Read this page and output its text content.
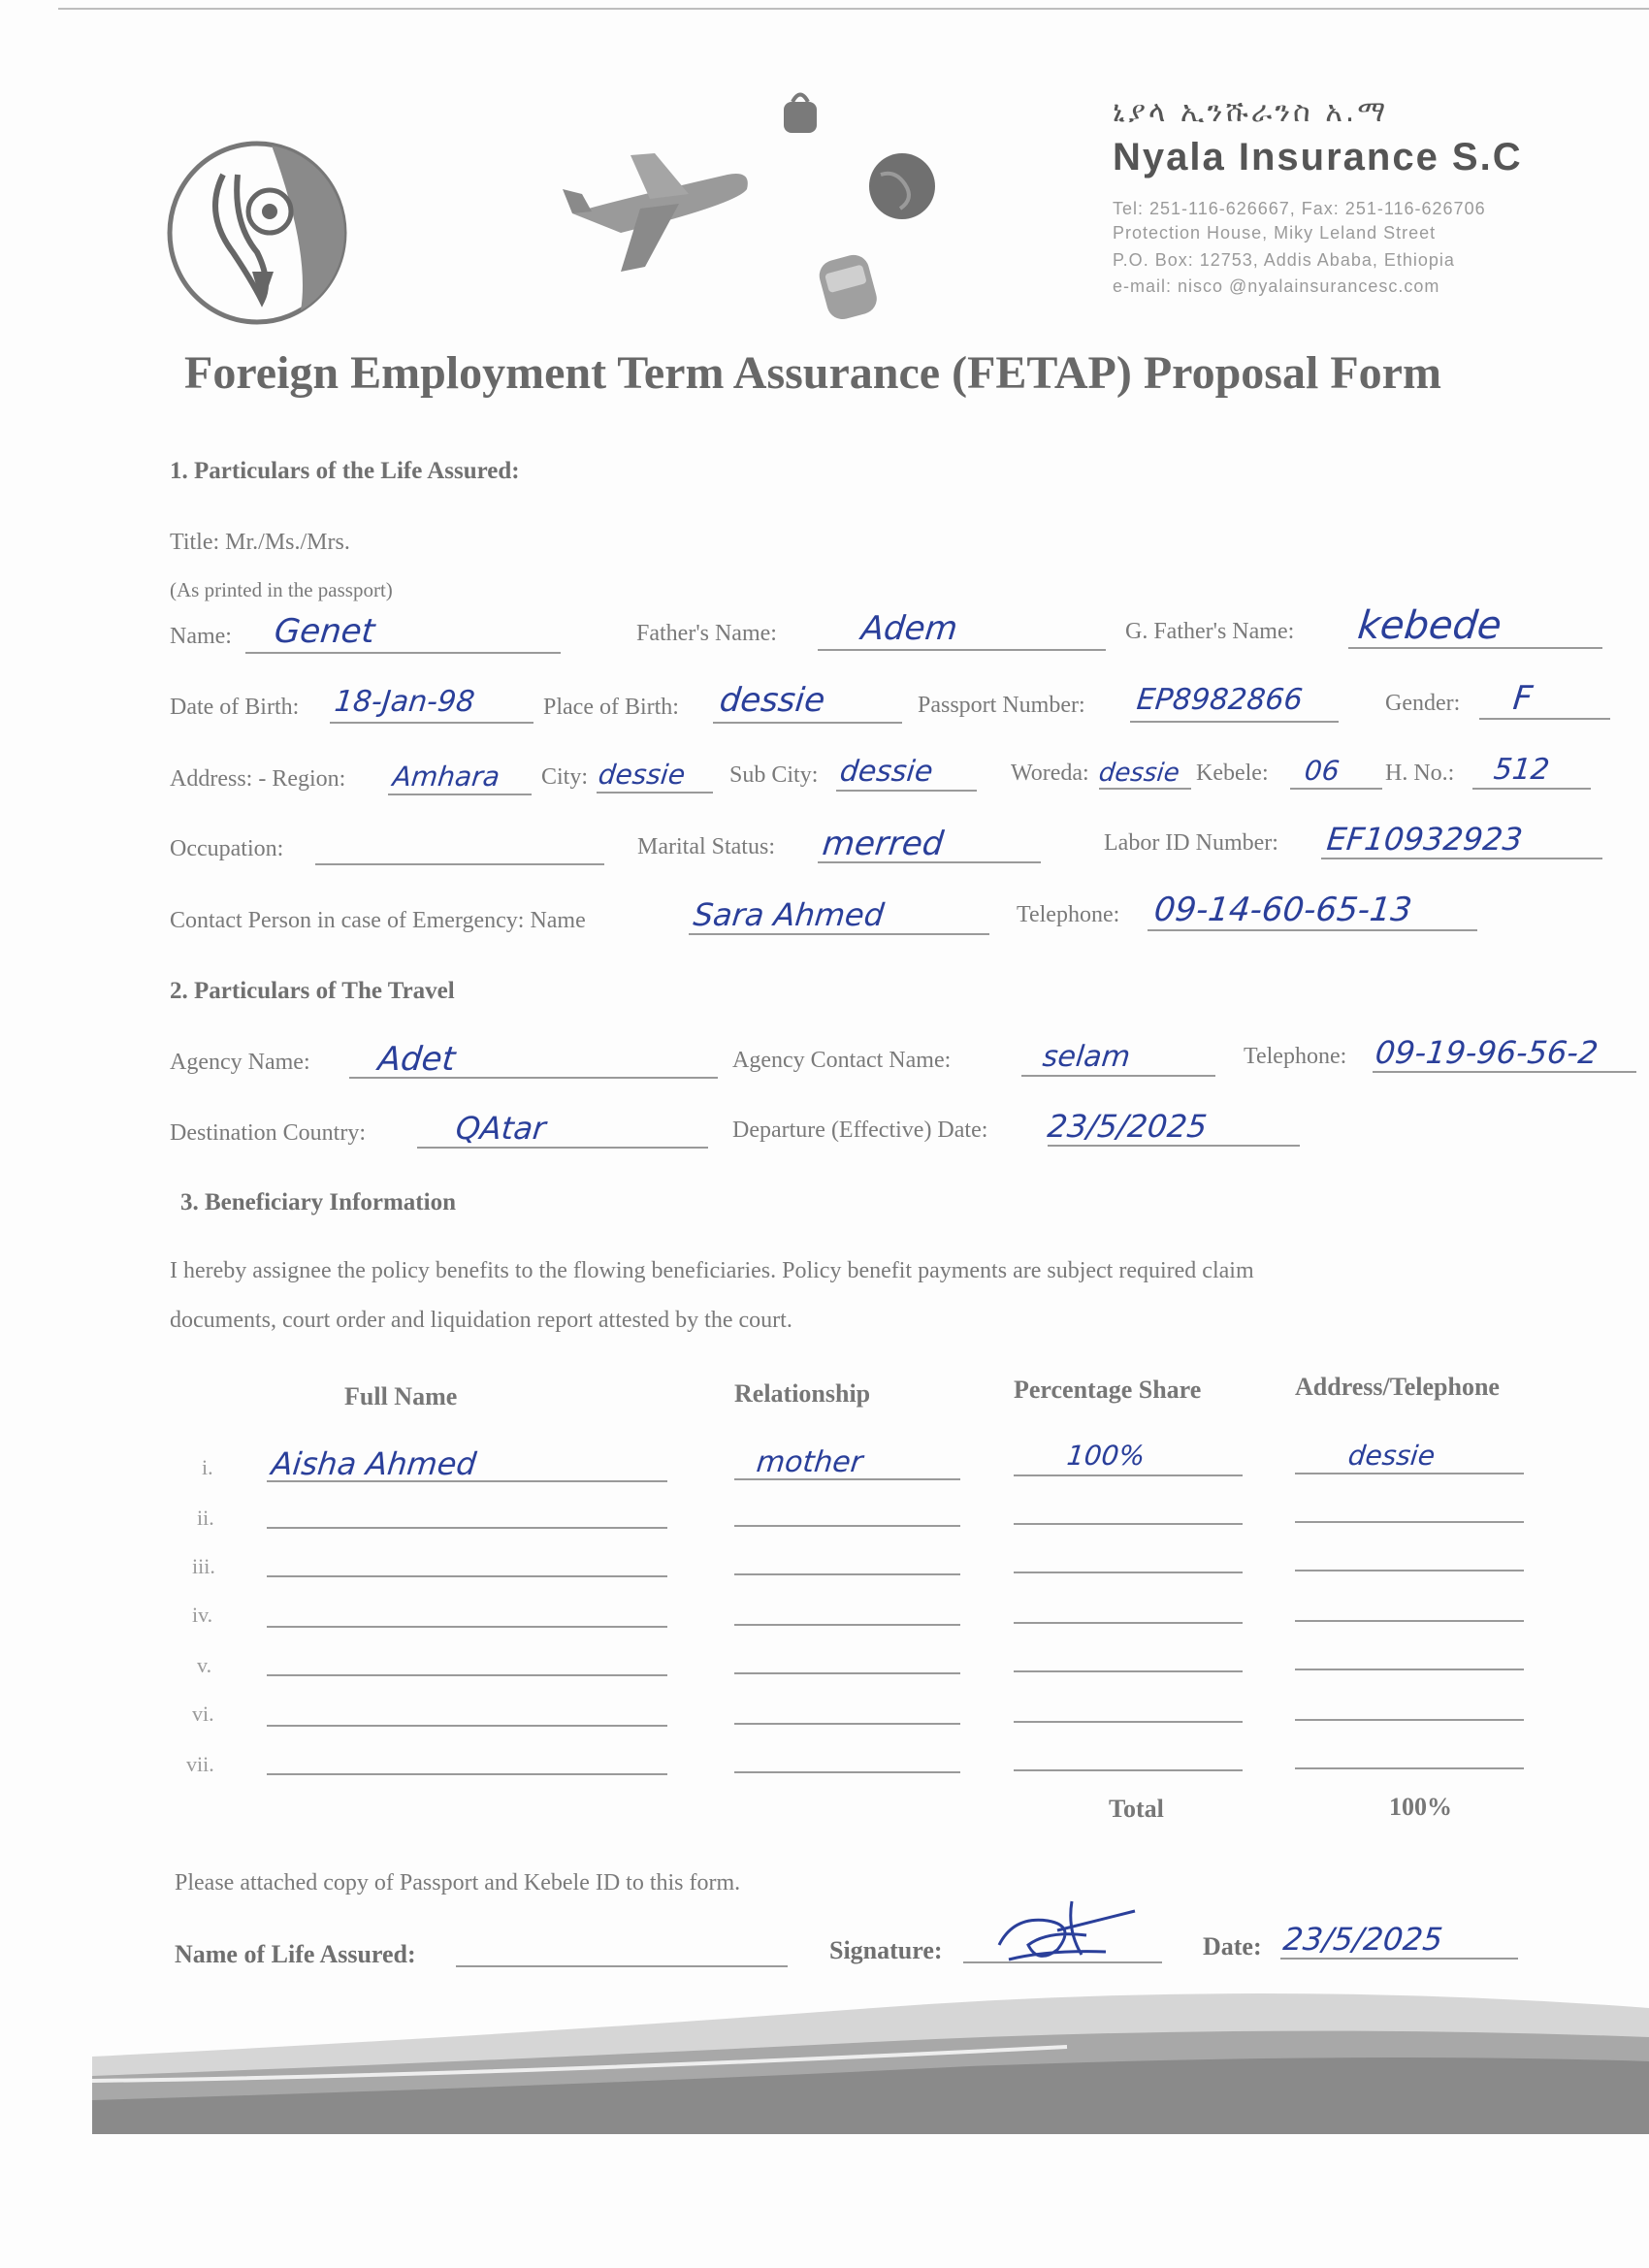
ኒያላ ኢንሹራንስ አ.ማ
Nyala Insurance S.C
Tel: 251-116-626667, Fax: 251-116-626706
Protection House, Miky Leland Street
P.O. Box: 12753, Addis Ababa, Ethiopia
e-mail: nisco @nyalainsurancesc.com
Foreign Employment Term Assurance (FETAP) Proposal Form
1. Particulars of the Life Assured:
Title: Mr./Ms./Mrs.
(As printed in the passport)
Name: Genet	Father's Name: Adem	G. Father's Name: kebede
Date of Birth: 18-Jan-98	Place of Birth: dessie	Passport Number: EP8982866	Gender: F
Address: - Region: Amhara City: dessie Sub City: dessie	Woreda: dessie Kebele: 06 H. No.: 512
Occupation:	Marital Status: merred	Labor ID Number: EF10932923
Contact Person in case of Emergency: Name	Sara Ahmed	Telephone: 09-14-60-65-13
2. Particulars of The Travel
Agency Name: Adet	Agency Contact Name:	selam	Telephone: 09-19-96-56-2
Destination Country:	QAtar	Departure (Effective) Date: 23/5/2025
3. Beneficiary Information
I hereby assignee the policy benefits to the flowing beneficiaries. Policy benefit payments are subject required claim
documents, court order and liquidation report attested by the court.
Full Name	Relationship	Percentage Share	Address/Telephone
i. Aisha Ahmed	mother	100%	dessie
ii.
iii.
iv.
v.
vi.
vii.
Total	100%
Please attached copy of Passport and Kebele ID to this form.
Name of Life Assured:	Signature:	Date: 23/5/2025
